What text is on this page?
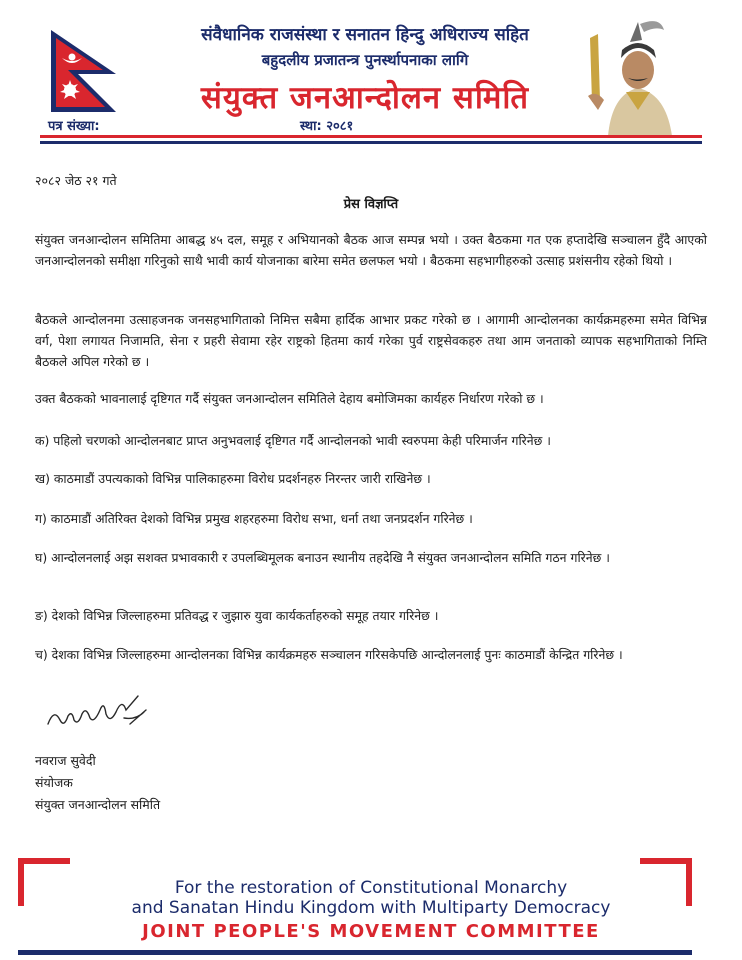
संवैधानिक राजसंस्था र सनातन हिन्दु अधिराज्य सहित
बहुदलीय प्रजातन्त्र पुनर्स्थापनाका लागि
संयुक्त जनआन्दोलन समिति
पत्र संख्या:	स्था: २०८१
२०८२ जेठ २१ गते
प्रेस विज्ञप्ति

संयुक्त जनआन्दोलन समितिमा आबद्ध ४५ दल, समूह र अभियानको बैठक आज सम्पन्न भयो । उक्त बैठकमा गत एक हप्तादेखि सञ्चालन हुँदै आएको जनआन्दोलनको समीक्षा गरिनुको साथै भावी कार्य योजनाका बारेमा समेत छलफल भयो । बैठकमा सहभागीहरुको उत्साह प्रशंसनीय रहेको थियो ।

बैठकले आन्दोलनमा उत्साहजनक जनसहभागिताको निमित्त सबैमा हार्दिक आभार प्रकट गरेको छ । आगामी आन्दोलनका कार्यक्रमहरुमा समेत विभिन्न वर्ग, पेशा लगायत निजामति, सेना र प्रहरी सेवामा रहेर राष्ट्रको हितमा कार्य गरेका पुर्व राष्ट्रसेवकहरु तथा आम जनताको व्यापक सहभागिताको निम्ति बैठकले अपिल गरेको छ ।

उक्त बैठकको भावनालाई दृष्टिगत गर्दै संयुक्त जनआन्दोलन समितिले देहाय बमोजिमका कार्यहरु निर्धारण गरेको छ ।

क) पहिलो चरणको आन्दोलनबाट प्राप्त अनुभवलाई दृष्टिगत गर्दै आन्दोलनको भावी स्वरुपमा केही परिमार्जन गरिनेछ ।

ख) काठमाडौं उपत्यकाको विभिन्न पालिकाहरुमा विरोध प्रदर्शनहरु निरन्तर जारी राखिनेछ ।

ग) काठमाडौं अतिरिक्त देशको विभिन्न प्रमुख शहरहरुमा विरोध सभा, धर्ना तथा जनप्रदर्शन गरिनेछ ।

घ) आन्दोलनलाई अझ सशक्त प्रभावकारी र उपलब्धिमूलक बनाउन स्थानीय तहदेखि नै संयुक्त जनआन्दोलन समिति गठन गरिनेछ ।

ङ) देशको विभिन्न जिल्लाहरुमा प्रतिवद्ध र जुझारु युवा कार्यकर्ताहरुको समूह तयार गरिनेछ ।

च) देशका विभिन्न जिल्लाहरुमा आन्दोलनका विभिन्न कार्यक्रमहरु सञ्चालन गरिसकेपछि आन्दोलनलाई पुनः काठमाडौं केन्द्रित गरिनेछ ।

नवराज सुवेदी
संयोजक
संयुक्त जनआन्दोलन समिति
For the restoration of Constitutional Monarchy
and Sanatan Hindu Kingdom with Multiparty Democracy
JOINT PEOPLE'S MOVEMENT COMMITTEE
